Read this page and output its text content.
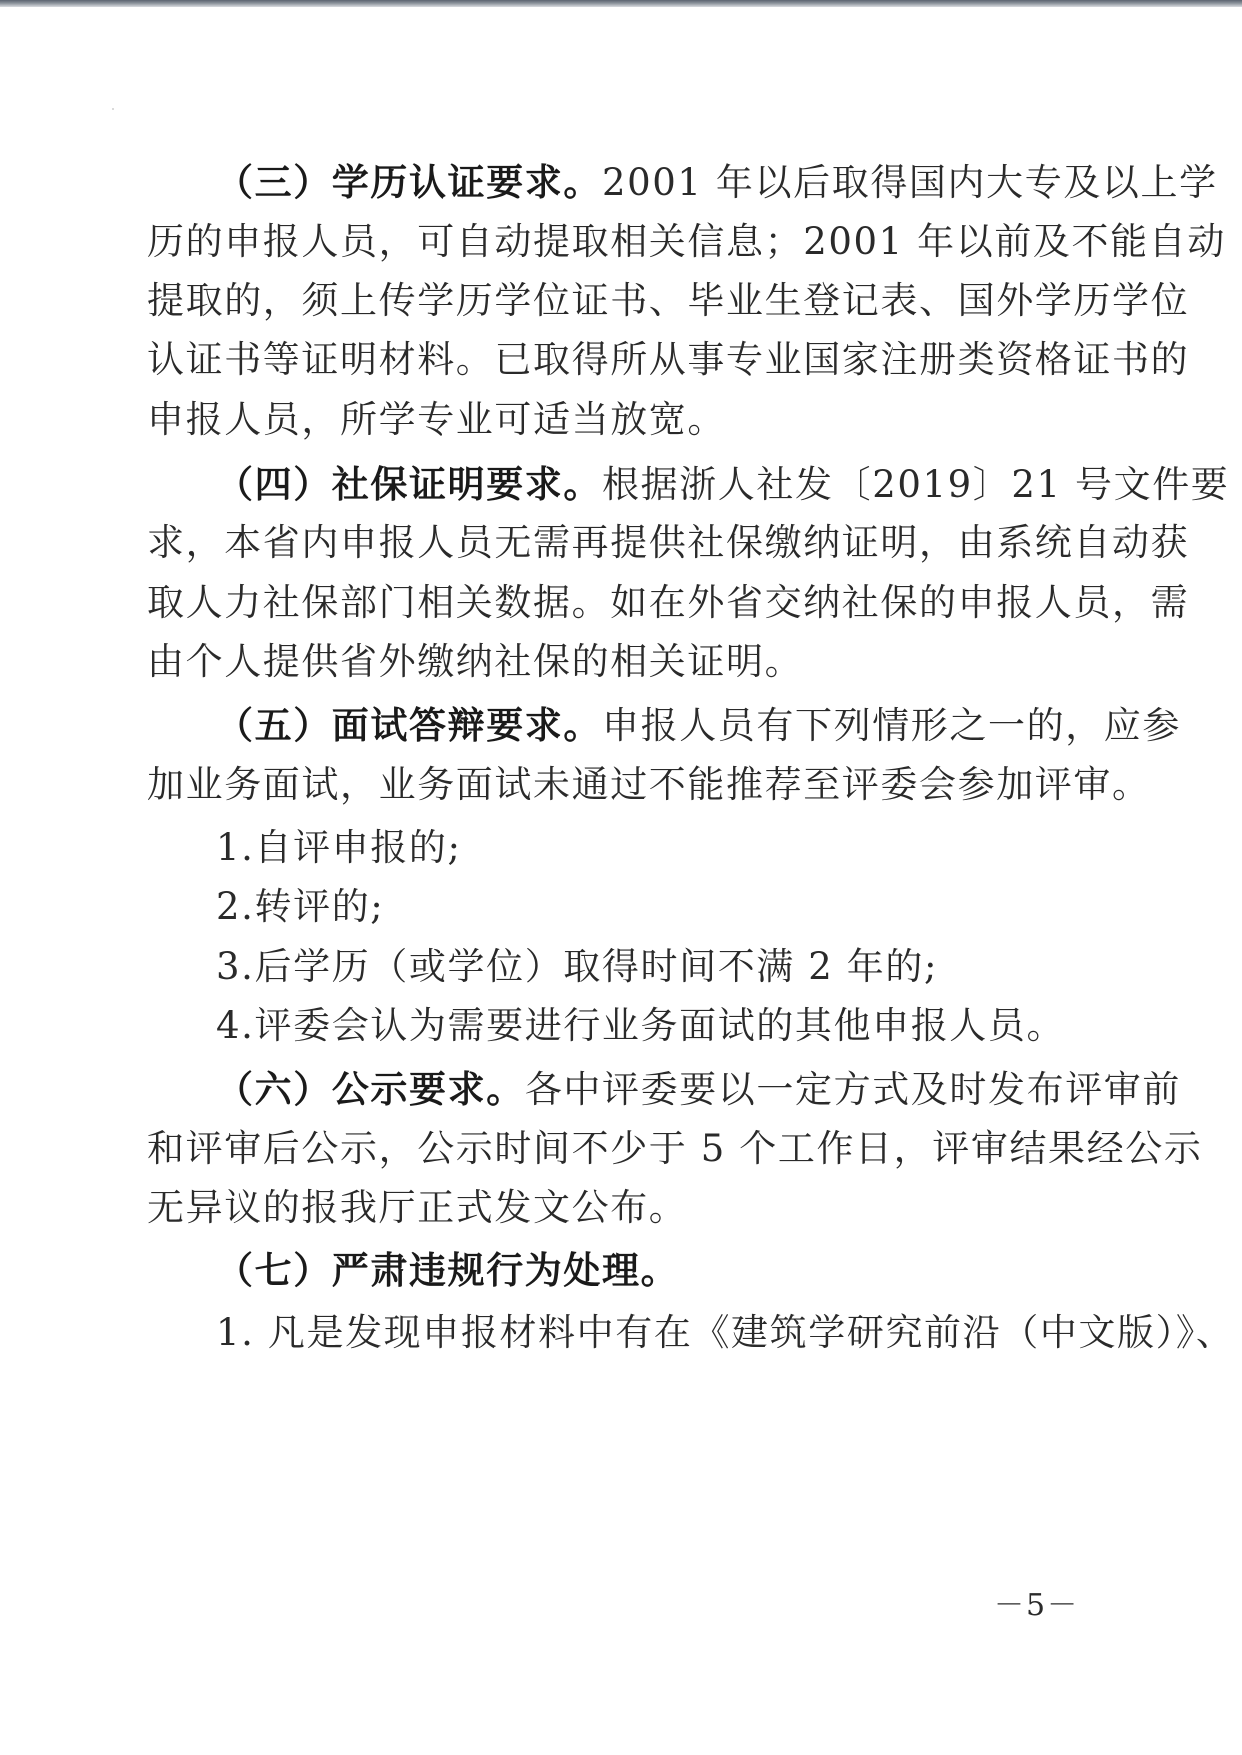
（三）学历认证要求。2001 年以后取得国内大专及以上学
历的申报人员，可自动提取相关信息；2001 年以前及不能自动
提取的，须上传学历学位证书、毕业生登记表、国外学历学位
认证书等证明材料。已取得所从事专业国家注册类资格证书的
申报人员，所学专业可适当放宽。
（四）社保证明要求。根据浙人社发〔2019〕21 号文件要
求，本省内申报人员无需再提供社保缴纳证明，由系统自动获
取人力社保部门相关数据。如在外省交纳社保的申报人员，需
由个人提供省外缴纳社保的相关证明。
（五）面试答辩要求。申报人员有下列情形之一的，应参
加业务面试，业务面试未通过不能推荐至评委会参加评审。
1.自评申报的;
2.转评的;
3.后学历（或学位）取得时间不满 2 年的;
4.评委会认为需要进行业务面试的其他申报人员。
（六）公示要求。各中评委要以一定方式及时发布评审前
和评审后公示，公示时间不少于 5 个工作日，评审结果经公示
无异议的报我厅正式发文公布。
（七）严肃违规行为处理。
1. 凡是发现申报材料中有在《建筑学研究前沿（中文版）》、
－5－
